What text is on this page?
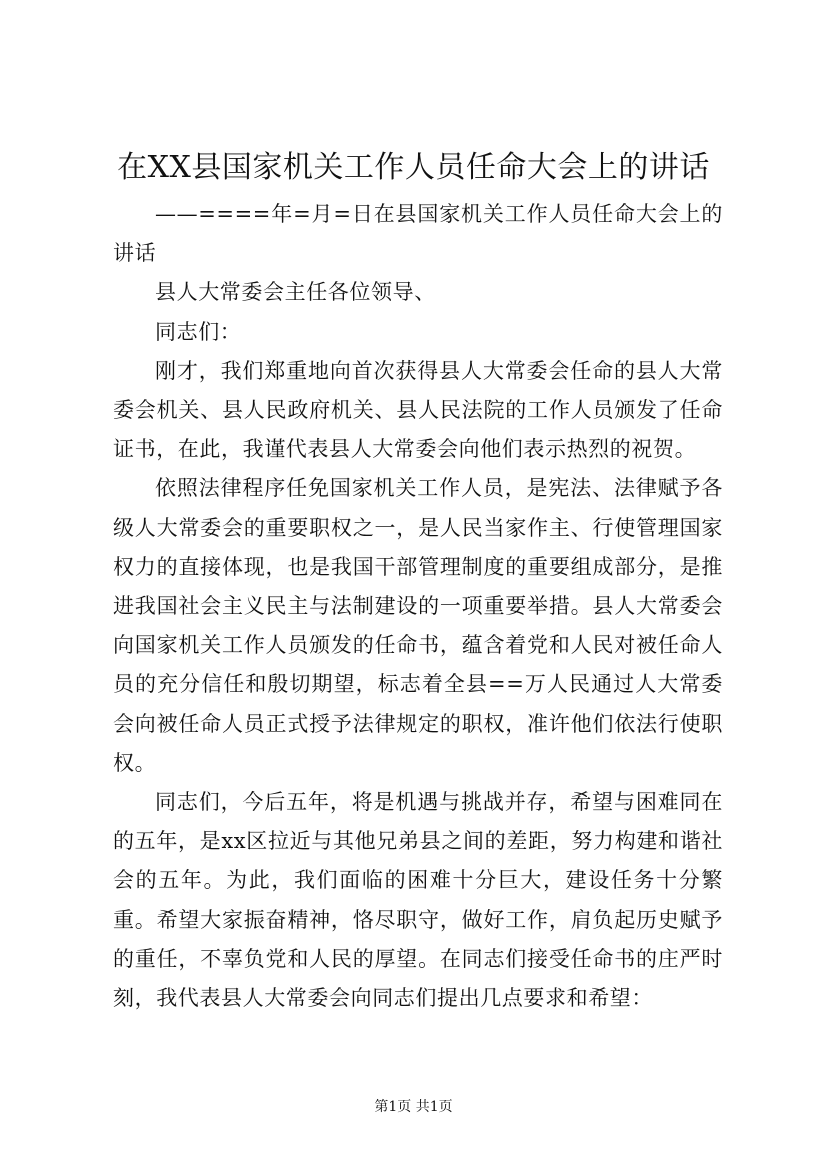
在XX县国家机关工作人员任命大会上的讲话

——====年=月=日在县国家机关工作人员任命大会上的讲话

县人大常委会主任各位领导、

同志们：

刚才，我们郑重地向首次获得县人大常委会任命的县人大常委会机关、县人民政府机关、县人民法院的工作人员颁发了任命证书，在此，我谨代表县人大常委会向他们表示热烈的祝贺。

依照法律程序任免国家机关工作人员，是宪法、法律赋予各级人大常委会的重要职权之一，是人民当家作主、行使管理国家权力的直接体现，也是我国干部管理制度的重要组成部分，是推进我国社会主义民主与法制建设的一项重要举措。县人大常委会向国家机关工作人员颁发的任命书，蕴含着党和人民对被任命人员的充分信任和殷切期望，标志着全县==万人民通过人大常委会向被任命人员正式授予法律规定的职权，准许他们依法行使职权。

同志们，今后五年，将是机遇与挑战并存，希望与困难同在的五年，是xx区拉近与其他兄弟县之间的差距，努力构建和谐社会的五年。为此，我们面临的困难十分巨大，建设任务十分繁重。希望大家振奋精神，恪尽职守，做好工作，肩负起历史赋予的重任，不辜负党和人民的厚望。在同志们接受任命书的庄严时刻，我代表县人大常委会向同志们提出几点要求和希望：

第1页 共1页
